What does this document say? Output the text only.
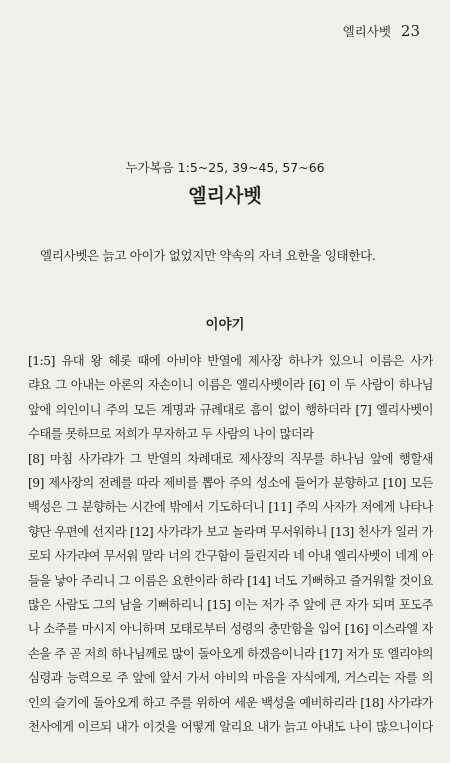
엘리사벳 23
누가복음 1:5~25, 39~45, 57~66
엘리사벳
엘리사벳은 늙고 아이가 없었지만 약속의 자녀 요한을 잉태한다.
이야기
[1:5] 유대 왕 헤롯 때에 아비야 반열에 제사장 하나가 있으니 이름은 사가
랴요 그 아내는 아론의 자손이니 이름은 엘리사벳이라 [6] 이 두 사람이 하나님
앞에 의인이니 주의 모든 계명과 규례대로 흠이 없이 행하더라 [7] 엘리사벳이
수태를 못하므로 저희가 무자하고 두 사람의 나이 많더라
[8] 마침 사가랴가 그 반열의 차례대로 제사장의 직무를 하나님 앞에 행할새
[9] 제사장의 전례를 따라 제비를 뽑아 주의 성소에 들어가 분향하고 [10] 모든
백성은 그 분향하는 시간에 밖에서 기도하더니 [11] 주의 사자가 저에게 나타나
향단 우편에 선지라 [12] 사가랴가 보고 놀라며 무서워하니 [13] 천사가 일러 가
로되 사가랴여 무서워 말라 너의 간구함이 들린지라 네 아내 엘리사벳이 네게 아
들을 낳아 주리니 그 이름은 요한이라 하라 [14] 너도 기뻐하고 즐거워할 것이요
많은 사람도 그의 남을 기뻐하리니 [15] 이는 저가 주 앞에 큰 자가 되며 포도주
나 소주를 마시지 아니하며 모태로부터 성령의 충만함을 입어 [16] 이스라엘 자
손을 주 곧 저희 하나님께로 많이 돌아오게 하겠음이니라 [17] 저가 또 엘리야의
심령과 능력으로 주 앞에 앞서 가서 아비의 마음을 자식에게, 거스리는 자를 의
인의 슬기에 돌아오게 하고 주를 위하여 세운 백성을 예비하리라 [18] 사가랴가
천사에게 이르되 내가 이것을 어떻게 알리요 내가 늙고 아내도 나이 많으니이다
